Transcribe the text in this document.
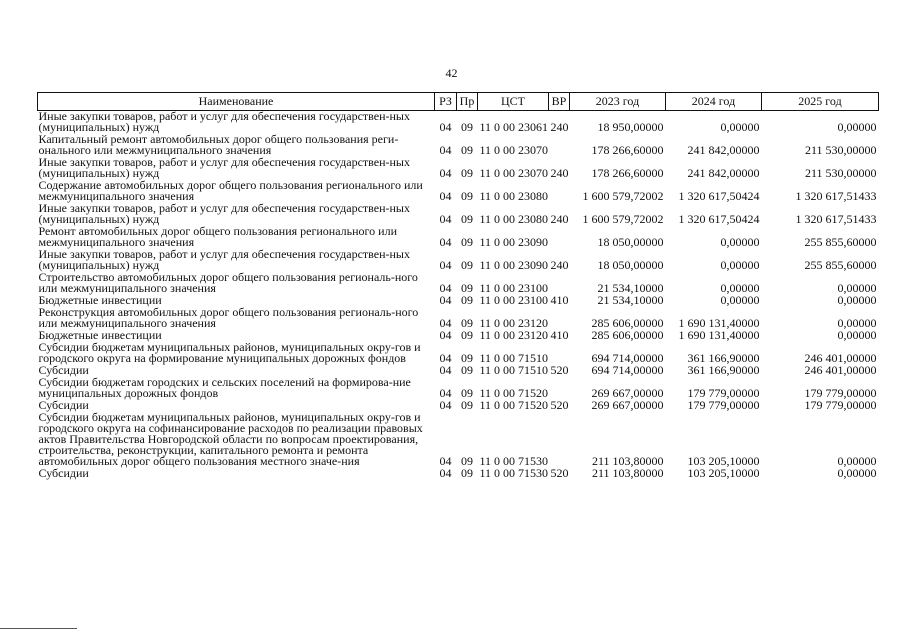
42
Наименование	РЗ	Пр	ЦСТ	ВР	2023 год	2024 год	2025 год
Иные закупки товаров, работ и услуг для обеспечения государствен-ных (муниципальных) нужд	04	09	11 0 00 23061	240	18 950,00000	0,00000	0,00000
Капитальный ремонт автомобильных дорог общего пользования реги-онального или межмуниципального значения	04	09	11 0 00 23070		178 266,60000	241 842,00000	211 530,00000
Иные закупки товаров, работ и услуг для обеспечения государствен-ных (муниципальных) нужд	04	09	11 0 00 23070	240	178 266,60000	241 842,00000	211 530,00000
Содержание автомобильных дорог общего пользования регионального или межмуниципального значения	04	09	11 0 00 23080		1 600 579,72002	1 320 617,50424	1 320 617,51433
Иные закупки товаров, работ и услуг для обеспечения государствен-ных (муниципальных) нужд	04	09	11 0 00 23080	240	1 600 579,72002	1 320 617,50424	1 320 617,51433
Ремонт автомобильных дорог общего пользования регионального или межмуниципального значения	04	09	11 0 00 23090		18 050,00000	0,00000	255 855,60000
Иные закупки товаров, работ и услуг для обеспечения государствен-ных (муниципальных) нужд	04	09	11 0 00 23090	240	18 050,00000	0,00000	255 855,60000
Строительство автомобильных дорог общего пользования региональ-ного или межмуниципального значения	04	09	11 0 00 23100		21 534,10000	0,00000	0,00000
Бюджетные инвестиции	04	09	11 0 00 23100	410	21 534,10000	0,00000	0,00000
Реконструкция автомобильных дорог общего пользования региональ-ного или межмуниципального значения	04	09	11 0 00 23120		285 606,00000	1 690 131,40000	0,00000
Бюджетные инвестиции	04	09	11 0 00 23120	410	285 606,00000	1 690 131,40000	0,00000
Субсидии бюджетам муниципальных районов, муниципальных окру-гов и городского округа на формирование муниципальных дорожных фондов	04	09	11 0 00 71510		694 714,00000	361 166,90000	246 401,00000
Субсидии	04	09	11 0 00 71510	520	694 714,00000	361 166,90000	246 401,00000
Субсидии бюджетам городских и сельских поселений на формирова-ние муниципальных дорожных фондов	04	09	11 0 00 71520		269 667,00000	179 779,00000	179 779,00000
Субсидии	04	09	11 0 00 71520	520	269 667,00000	179 779,00000	179 779,00000
Субсидии бюджетам муниципальных районов, муниципальных окру-гов и городского округа на софинансирование расходов по реализации правовых актов Правительства Новгородской области по вопросам проектирования, строительства, реконструкции, капитального ремонта и ремонта автомобильных дорог общего пользования местного значе-ния	04	09	11 0 00 71530		211 103,80000	103 205,10000	0,00000
Субсидии	04	09	11 0 00 71530	520	211 103,80000	103 205,10000	0,00000
